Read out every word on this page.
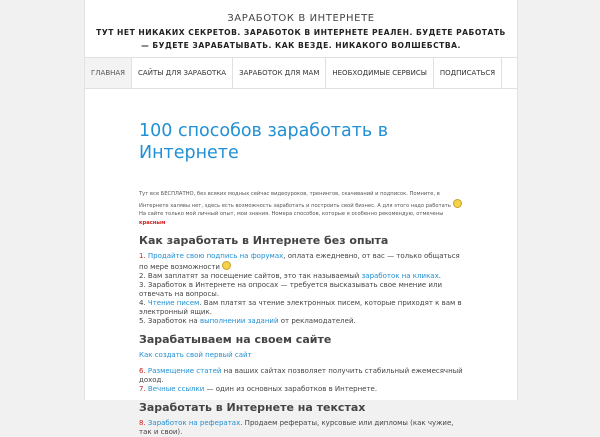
ЗАРАБОТОК В ИНТЕРНЕТЕ
ТУТ НЕТ НИКАКИХ СЕКРЕТОВ. ЗАРАБОТОК В ИНТЕРНЕТЕ РЕАЛЕН. БУДЕТЕ РАБОТАТЬ — БУДЕТЕ ЗАРАБАТЫВАТЬ. КАК ВЕЗДЕ. НИКАКОГО ВОЛШЕБСТВА.
ГЛАВНАЯ	САЙТЫ ДЛЯ ЗАРАБОТКА	ЗАРАБОТОК ДЛЯ МАМ	НЕОБХОДИМЫЕ СЕРВИСЫ	ПОДПИСАТЬСЯ
100 способов заработать в Интернете

Тут все БЕСПЛАТНО, без всяких модных сейчас видеоуроков, тренингов, скачиваний и подписок. Помните, в Интернете халявы нет, здесь есть возможность заработать и построить свой бизнес. А для этого надо работать

На сайте только мой личный опыт, мои знания. Номера способов, которые я особенно рекомендую, отмечены красным

Как заработать в Интернете без опыта
1. Продайте свою подпись на форумах, оплата ежедневно, от вас — только общаться по мере возможности
2. Вам заплатят за посещение сайтов, это так называемый заработок на кликах.
3. Заработок в Интернете на опросах — требуется высказывать свое мнение или отвечать на вопросы.
4. Чтение писем. Вам платят за чтение электронных писем, которые приходят к вам в электронный ящик.
5. Заработок на выполнении заданий от рекламодателей.
Зарабатываем на своем сайте
Как создать свой первый сайт
6. Размещение статей на ваших сайтах позволяет получить стабильный ежемесячный доход.
7. Вечные ссылки — один из основных заработков в Интернете.
Заработать в Интернете на текстах
8. Заработок на рефератах. Продаем рефераты, курсовые или дипломы (как чужие, так и свои).
